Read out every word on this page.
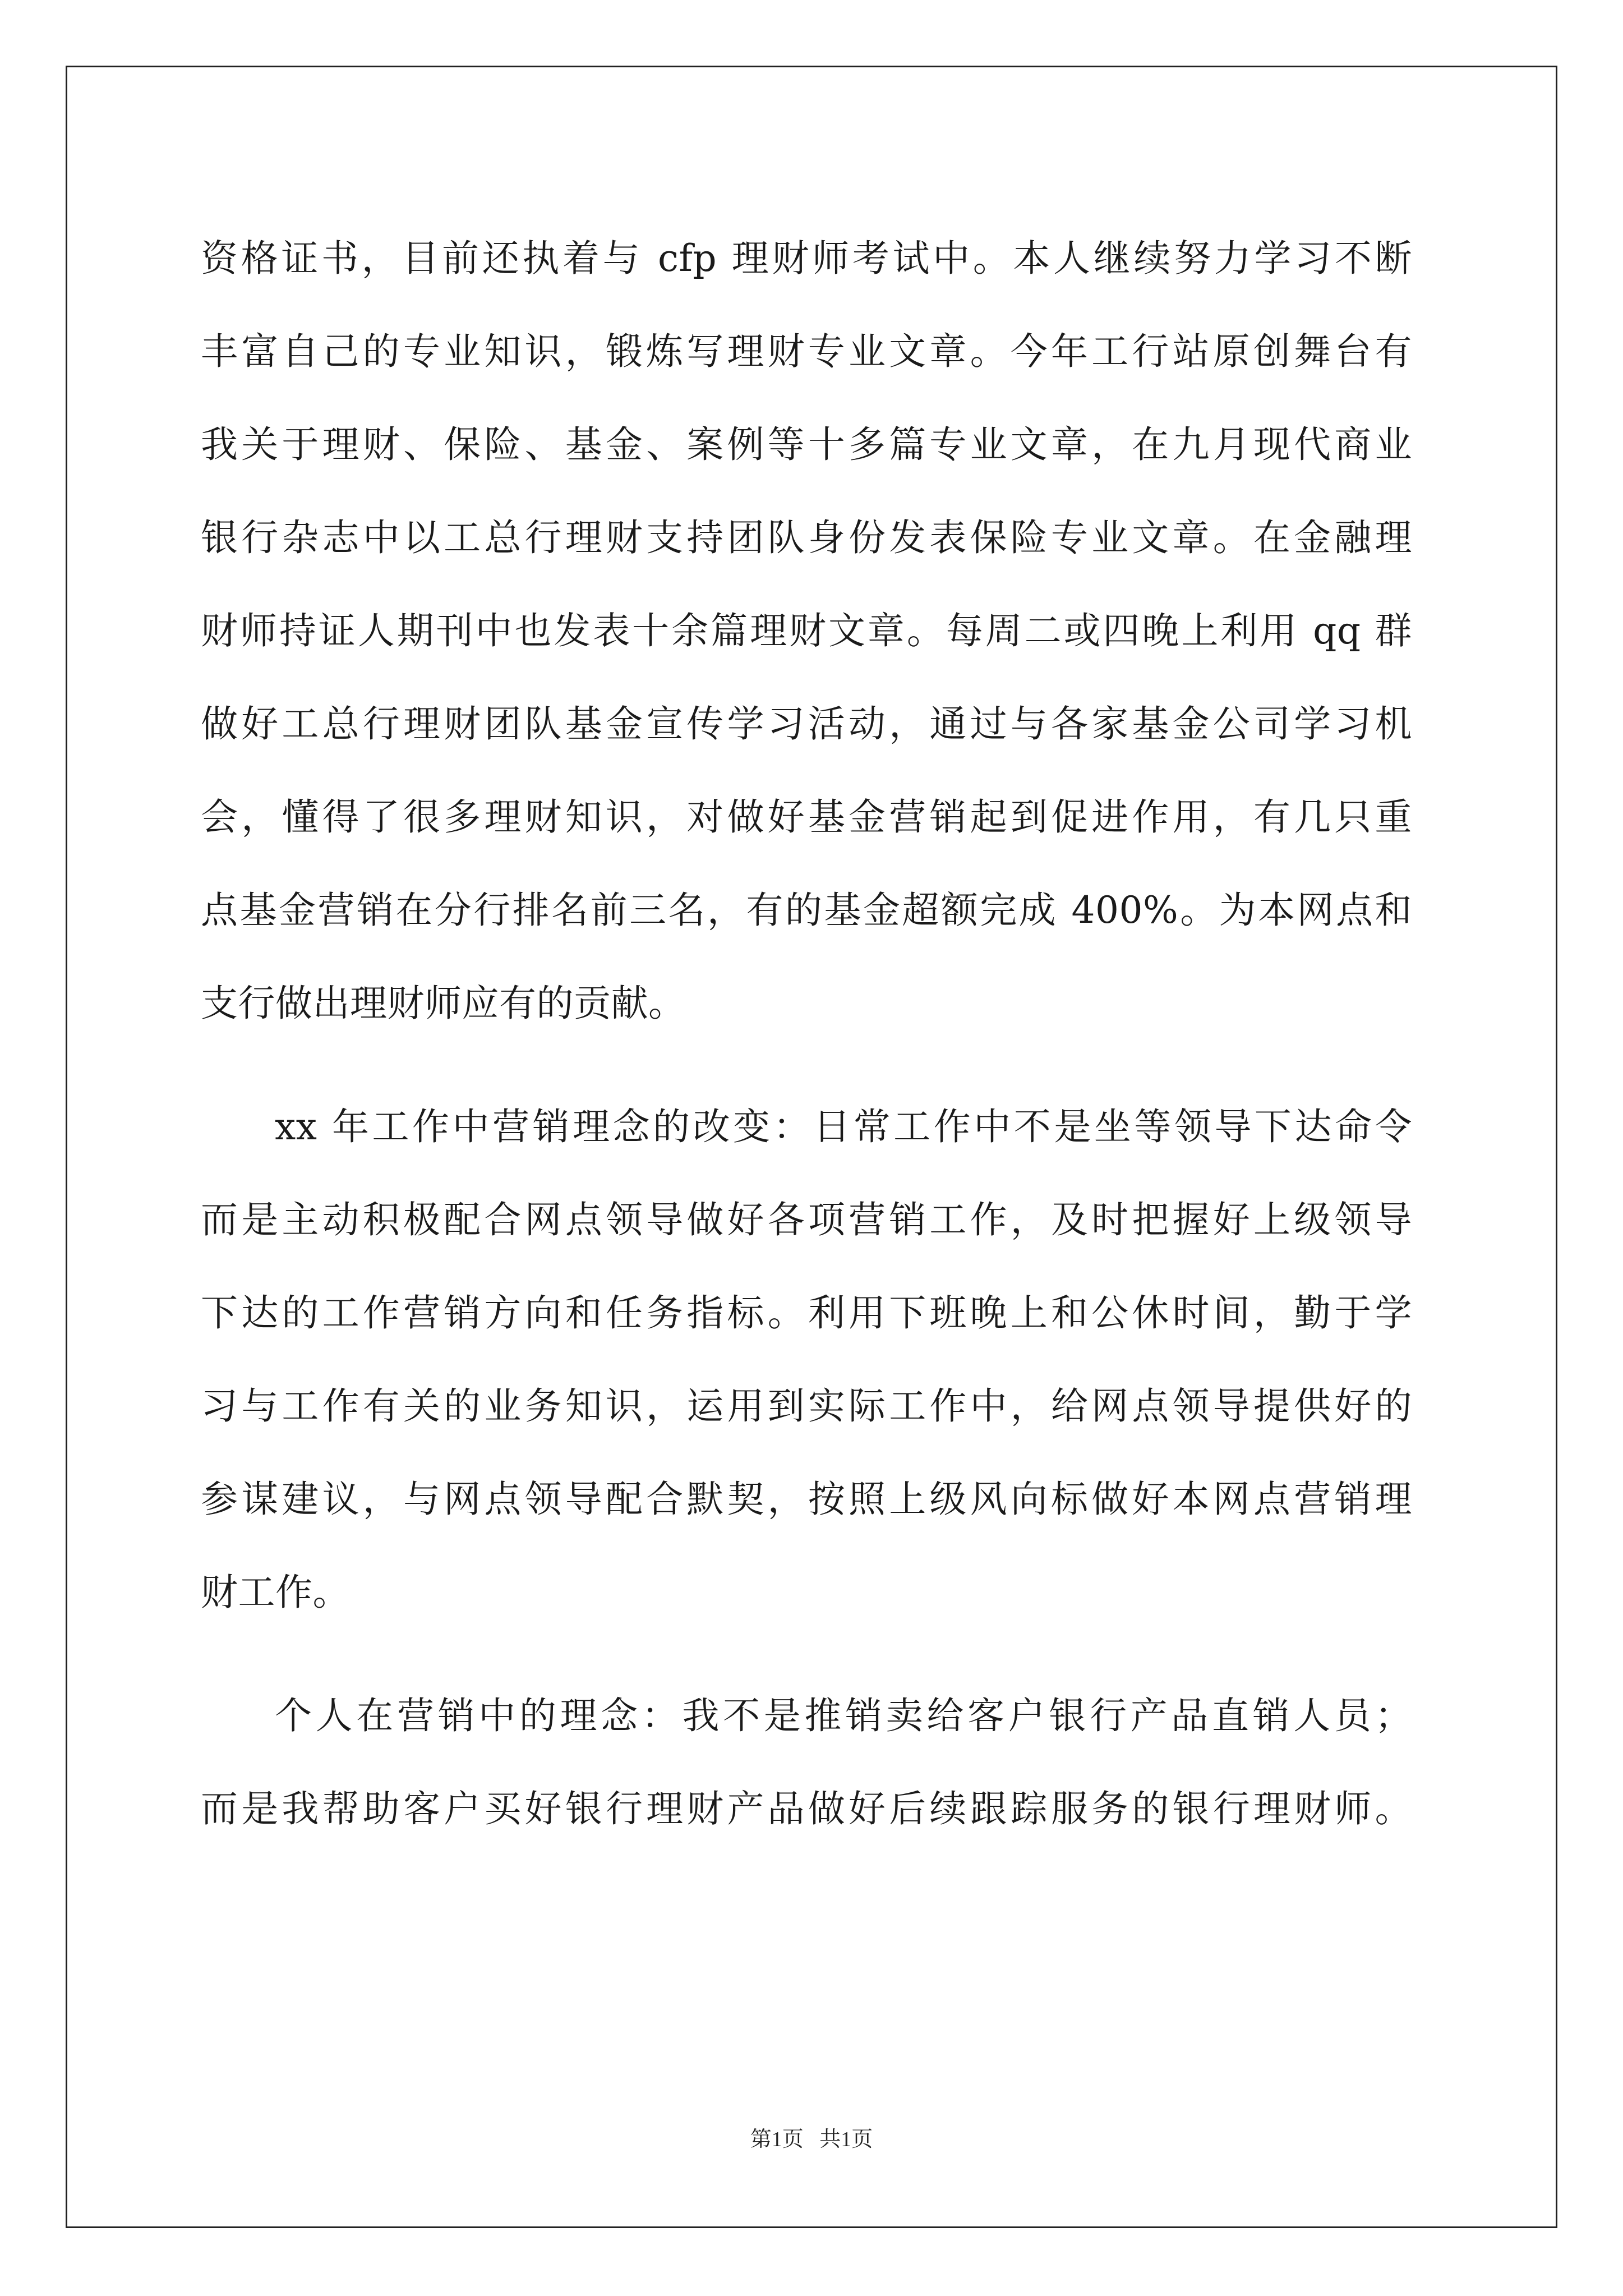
资格证书，目前还执着与 cfp 理财师考试中。本人继续努力学习不断
丰富自己的专业知识，锻炼写理财专业文章。今年工行站原创舞台有
我关于理财、保险、基金、案例等十多篇专业文章，在九月现代商业
银行杂志中以工总行理财支持团队身份发表保险专业文章。在金融理
财师持证人期刊中也发表十余篇理财文章。每周二或四晚上利用 qq 群
做好工总行理财团队基金宣传学习活动，通过与各家基金公司学习机
会，懂得了很多理财知识，对做好基金营销起到促进作用，有几只重
点基金营销在分行排名前三名，有的基金超额完成 400%。为本网点和
支行做出理财师应有的贡献。
xx 年工作中营销理念的改变：日常工作中不是坐等领导下达命令
而是主动积极配合网点领导做好各项营销工作，及时把握好上级领导
下达的工作营销方向和任务指标。利用下班晚上和公休时间，勤于学
习与工作有关的业务知识，运用到实际工作中，给网点领导提供好的
参谋建议，与网点领导配合默契，按照上级风向标做好本网点营销理
财工作。
个人在营销中的理念：我不是推销卖给客户银行产品直销人员；
而是我帮助客户买好银行理财产品做好后续跟踪服务的银行理财师。
第1页   共1页
